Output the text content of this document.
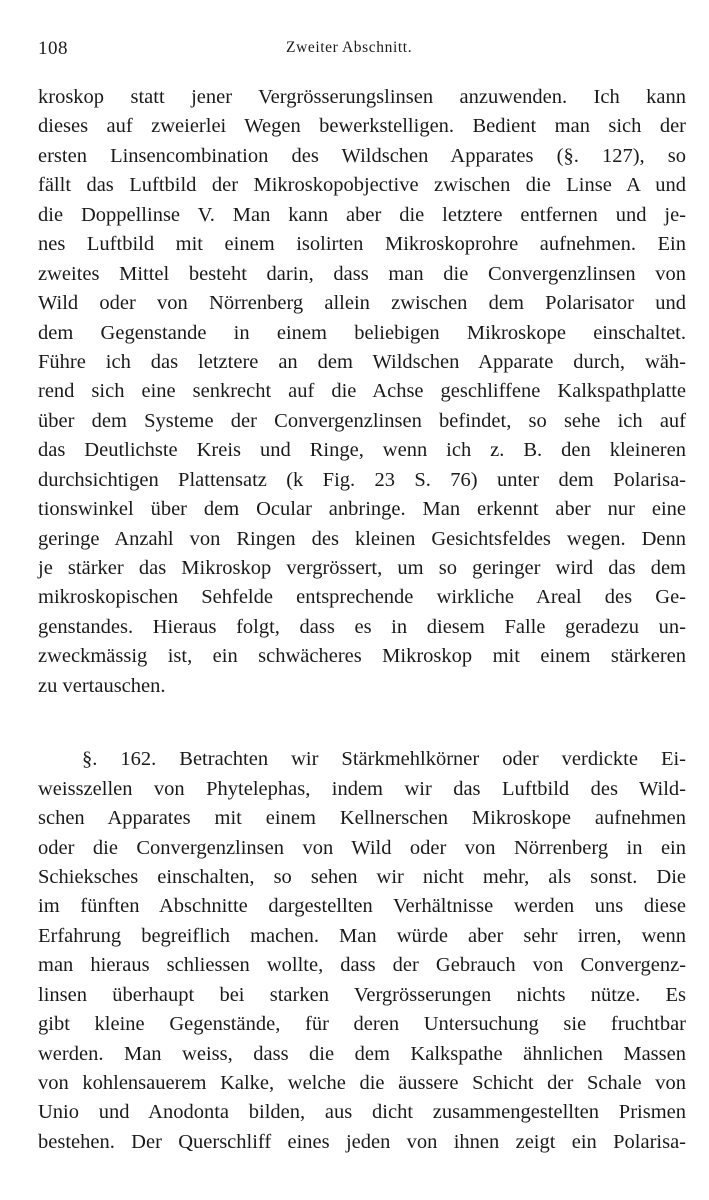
108	Zweiter Abschnitt.
kroskop statt jener Vergrösserungslinsen anzuwenden. Ich kann
dieses auf zweierlei Wegen bewerkstelligen. Bedient man sich der
ersten Linsencombination des Wildschen Apparates (§. 127), so
fällt das Luftbild der Mikroskopobjective zwischen die Linse A und
die Doppellinse V. Man kann aber die letztere entfernen und je-
nes Luftbild mit einem isolirten Mikroskoprohre aufnehmen. Ein
zweites Mittel besteht darin, dass man die Convergenzlinsen von
Wild oder von Nörrenberg allein zwischen dem Polarisator und
dem Gegenstande in einem beliebigen Mikroskope einschaltet.
Führe ich das letztere an dem Wildschen Apparate durch, wäh-
rend sich eine senkrecht auf die Achse geschliffene Kalkspathplatte
über dem Systeme der Convergenzlinsen befindet, so sehe ich auf
das Deutlichste Kreis und Ringe, wenn ich z. B. den kleineren
durchsichtigen Plattensatz (k Fig. 23 S. 76) unter dem Polarisa-
tionswinkel über dem Ocular anbringe. Man erkennt aber nur eine
geringe Anzahl von Ringen des kleinen Gesichtsfeldes wegen. Denn
je stärker das Mikroskop vergrössert, um so geringer wird das dem
mikroskopischen Sehfelde entsprechende wirkliche Areal des Ge-
genstandes. Hieraus folgt, dass es in diesem Falle geradezu un-
zweckmässig ist, ein schwächeres Mikroskop mit einem stärkeren
zu vertauschen.
§. 162. Betrachten wir Stärkmehlkörner oder verdickte Ei-
weisszellen von Phytelephas, indem wir das Luftbild des Wild-
schen Apparates mit einem Kellnerschen Mikroskope aufnehmen
oder die Convergenzlinsen von Wild oder von Nörrenberg in ein
Schieksches einschalten, so sehen wir nicht mehr, als sonst. Die
im fünften Abschnitte dargestellten Verhältnisse werden uns diese
Erfahrung begreiflich machen. Man würde aber sehr irren, wenn
man hieraus schliessen wollte, dass der Gebrauch von Convergenz-
linsen überhaupt bei starken Vergrösserungen nichts nütze. Es
gibt kleine Gegenstände, für deren Untersuchung sie fruchtbar
werden. Man weiss, dass die dem Kalkspathe ähnlichen Massen
von kohlensauerem Kalke, welche die äussere Schicht der Schale von
Unio und Anodonta bilden, aus dicht zusammengestellten Prismen
bestehen. Der Querschliff eines jeden von ihnen zeigt ein Polarisa-
